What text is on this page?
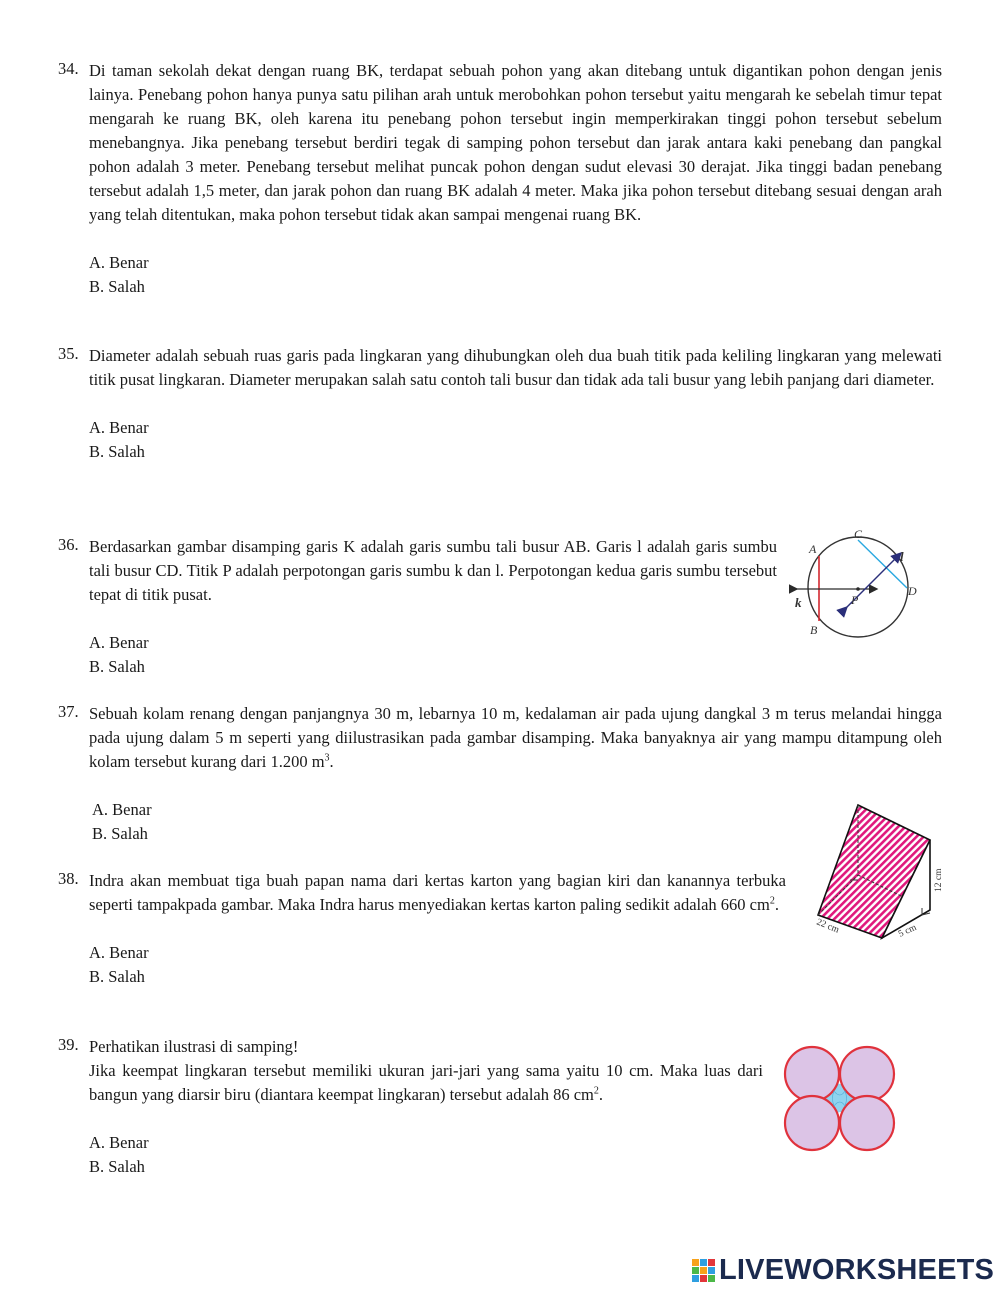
34. Di taman sekolah dekat dengan ruang BK, terdapat sebuah pohon yang akan ditebang untuk digantikan pohon dengan jenis lainya. Penebang pohon hanya punya satu pilihan arah untuk merobohkan pohon tersebut yaitu mengarah ke sebelah timur tepat mengarah ke ruang BK, oleh karena itu penebang pohon tersebut ingin memperkirakan tinggi pohon tersebut sebelum menebangnya. Jika penebang tersebut berdiri tegak di samping pohon tersebut dan jarak antara kaki penebang dan pangkal pohon adalah 3 meter. Penebang tersebut melihat puncak pohon dengan sudut elevasi 30 derajat. Jika tinggi badan penebang tersebut adalah 1,5 meter, dan jarak pohon dan ruang BK adalah 4 meter. Maka jika pohon tersebut ditebang sesuai dengan arah yang telah ditentukan, maka pohon tersebut tidak akan sampai mengenai ruang BK.
A. Benar
B. Salah
35. Diameter adalah sebuah ruas garis pada lingkaran yang dihubungkan oleh dua buah titik pada keliling lingkaran yang melewati titik pusat lingkaran. Diameter merupakan salah satu contoh tali busur dan tidak ada tali busur yang lebih panjang dari diameter.
A. Benar
B. Salah
36. Berdasarkan gambar disamping garis K adalah garis sumbu tali busur AB. Garis l adalah garis sumbu tali busur CD. Titik P adalah perpotongan garis sumbu k dan l. Perpotongan kedua garis sumbu tersebut tepat di titik pusat.
A. Benar
B. Salah
37. Sebuah kolam renang dengan panjangnya 30 m, lebarnya 10 m, kedalaman air pada ujung dangkal 3 m terus melandai hingga pada ujung dalam 5 m seperti yang diilustrasikan pada gambar disamping. Maka banyaknya air yang mampu ditampung oleh kolam tersebut kurang dari 1.200 $m^3$.
A. Benar
B. Salah
38. Indra akan membuat tiga buah papan nama dari kertas karton yang bagian kiri dan kanannya terbuka seperti tampakpada gambar. Maka Indra harus menyediakan kertas karton paling sedikit adalah 660 $cm^2$.
A. Benar
B. Salah
39. Perhatikan ilustrasi di samping!
Jika keempat lingkaran tersebut memiliki ukuran jari-jari yang sama yaitu 10 cm. Maka luas dari bangun yang diarsir biru (diantara keempat lingkaran) tersebut adalah 86 $cm^2$.
A. Benar
B. Salah
A
B
C
D
P
k
l
22 cm	5 cm
12 cm
LIVEWORKSHEETS
